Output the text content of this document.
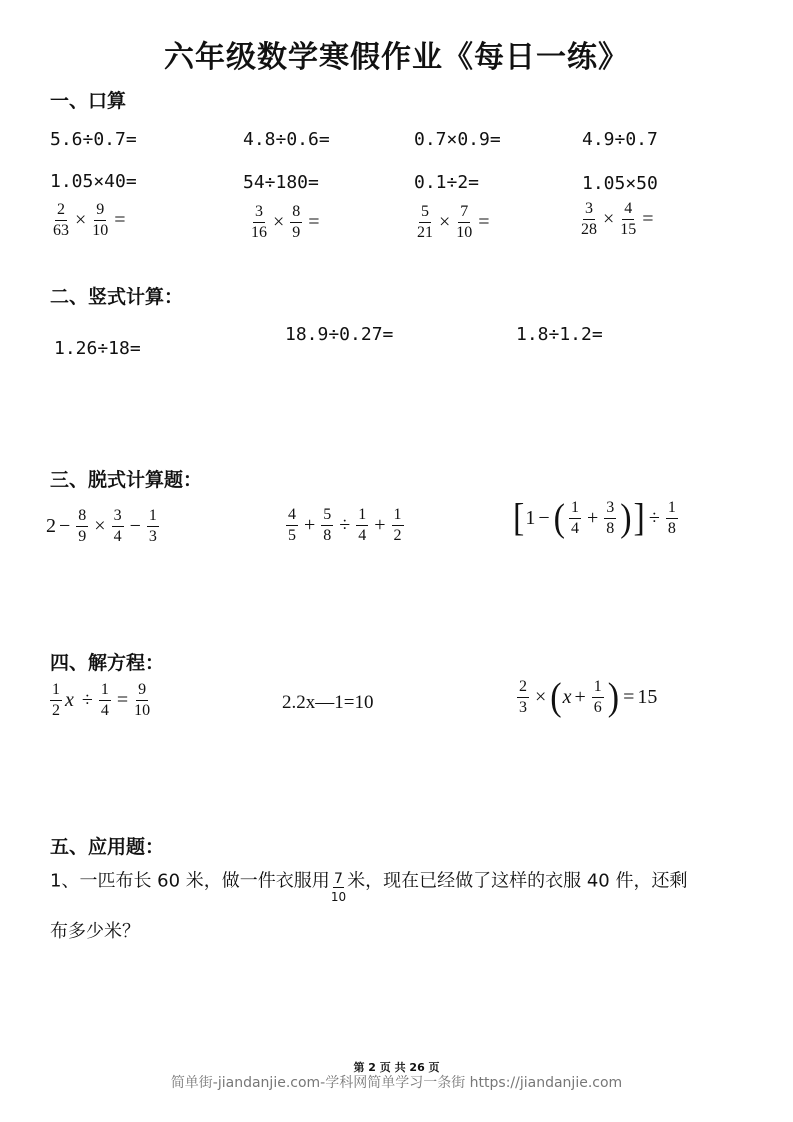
六年级数学寒假作业《每日一练》
一、口算
5.6÷0.7=	4.8÷0.6=	0.7×0.9=	4.9÷0.7
1.05×40=	54÷180=	0.1÷2=	1.05×50
$\frac{2}{63} \times \frac{9}{10}$ =	$\frac{3}{16} \times \frac{8}{9}$ =	$\frac{5}{21} \times \frac{7}{10}$ =	$\frac{3}{28} \times \frac{4}{15}$ =
二、竖式计算：
1.26÷18=
18.9÷0.27=	1.8÷1.2=
三、脱式计算题：
$2 - \frac{8}{9} \times \frac{3}{4} - \frac{1}{3}$	$\frac{4}{5} + \frac{5}{8} \div \frac{1}{4} + \frac{1}{2}$	[ 1 − ( $\frac{1}{4} + \frac{3}{8}$ ) ] ÷ $\frac{1}{8}$
四、解方程：
$\frac{1}{2}$ $x \div \frac{1}{4} = \frac{9}{10}$	2.2x—1=10	$\frac{2}{3}$ × ( $x + \frac{1}{6}$ ) = 15
五、应用题：
1、一匹布长 60 米，做一件衣服用 $\frac{7}{10}$ 米，现在已经做了这样的衣服 40 件，还剩
布多少米？
第 2 页 共 26 页
简单街-jiandanjie.com-学科网简单学习一条街 https://jiandanjie.com
